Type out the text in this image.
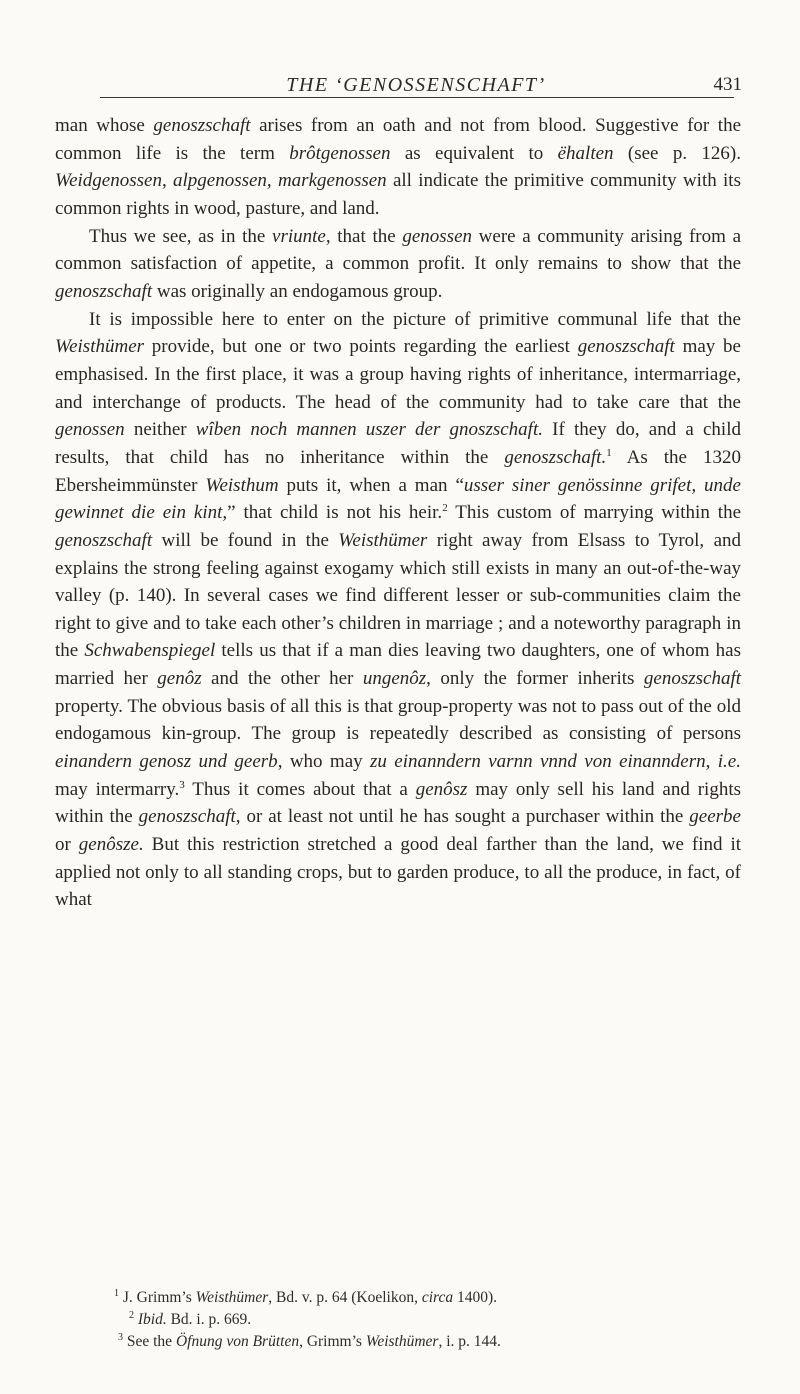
THE ‘GENOSSENSCHAFT’	431

man whose genoszschaft arises from an oath and not from blood. Suggestive for the common life is the term brôtgenossen as equivalent to ëhalten (see p. 126). Weidgenossen, alpgenossen, markgenossen all indicate the primitive community with its common rights in wood, pasture, and land.

Thus we see, as in the vriunte, that the genossen were a community arising from a common satisfaction of appetite, a common profit. It only remains to show that the genoszschaft was originally an endogamous group.

It is impossible here to enter on the picture of primitive communal life that the Weisthümer provide, but one or two points regarding the earliest genoszschaft may be emphasised. In the first place, it was a group having rights of inheritance, intermarriage, and interchange of products. The head of the community had to take care that the genossen neither wîben noch mannen uszer der gnoszschaft. If they do, and a child results, that child has no inheritance within the genoszschaft.$^1$ As the 1320 Ebersheimmünster Weisthum puts it, when a man “usser siner genössinne grifet, unde gewinnet die ein kint,” that child is not his heir.$^2$ This custom of marrying within the genoszschaft will be found in the Weisthümer right away from Elsass to Tyrol, and explains the strong feeling against exogamy which still exists in many an out-of-the-way valley (p. 140). In several cases we find different lesser or sub-communities claim the right to give and to take each other’s children in marriage ; and a noteworthy paragraph in the Schwabenspiegel tells us that if a man dies leaving two daughters, one of whom has married her genôz and the other her ungenôz, only the former inherits genoszschaft property. The obvious basis of all this is that group-property was not to pass out of the old endogamous kin-group. The group is repeatedly described as consisting of persons einandern genosz und geerb, who may zu einanndern varnn vnnd von einanndern, i.e. may intermarry.$^3$ Thus it comes about that a genôsz may only sell his land and rights within the genoszschaft, or at least not until he has sought a purchaser within the geerbe or genôsze. But this restriction stretched a good deal farther than the land, we find it applied not only to all standing crops, but to garden produce, to all the produce, in fact, of what

$^1$ J. Grimm’s Weisthümer, Bd. v. p. 64 (Koelikon, circa 1400).

$^2$ Ibid. Bd. i. p. 669.

$^3$ See the Öfnung von Brütten, Grimm’s Weisthümer, i. p. 144.
